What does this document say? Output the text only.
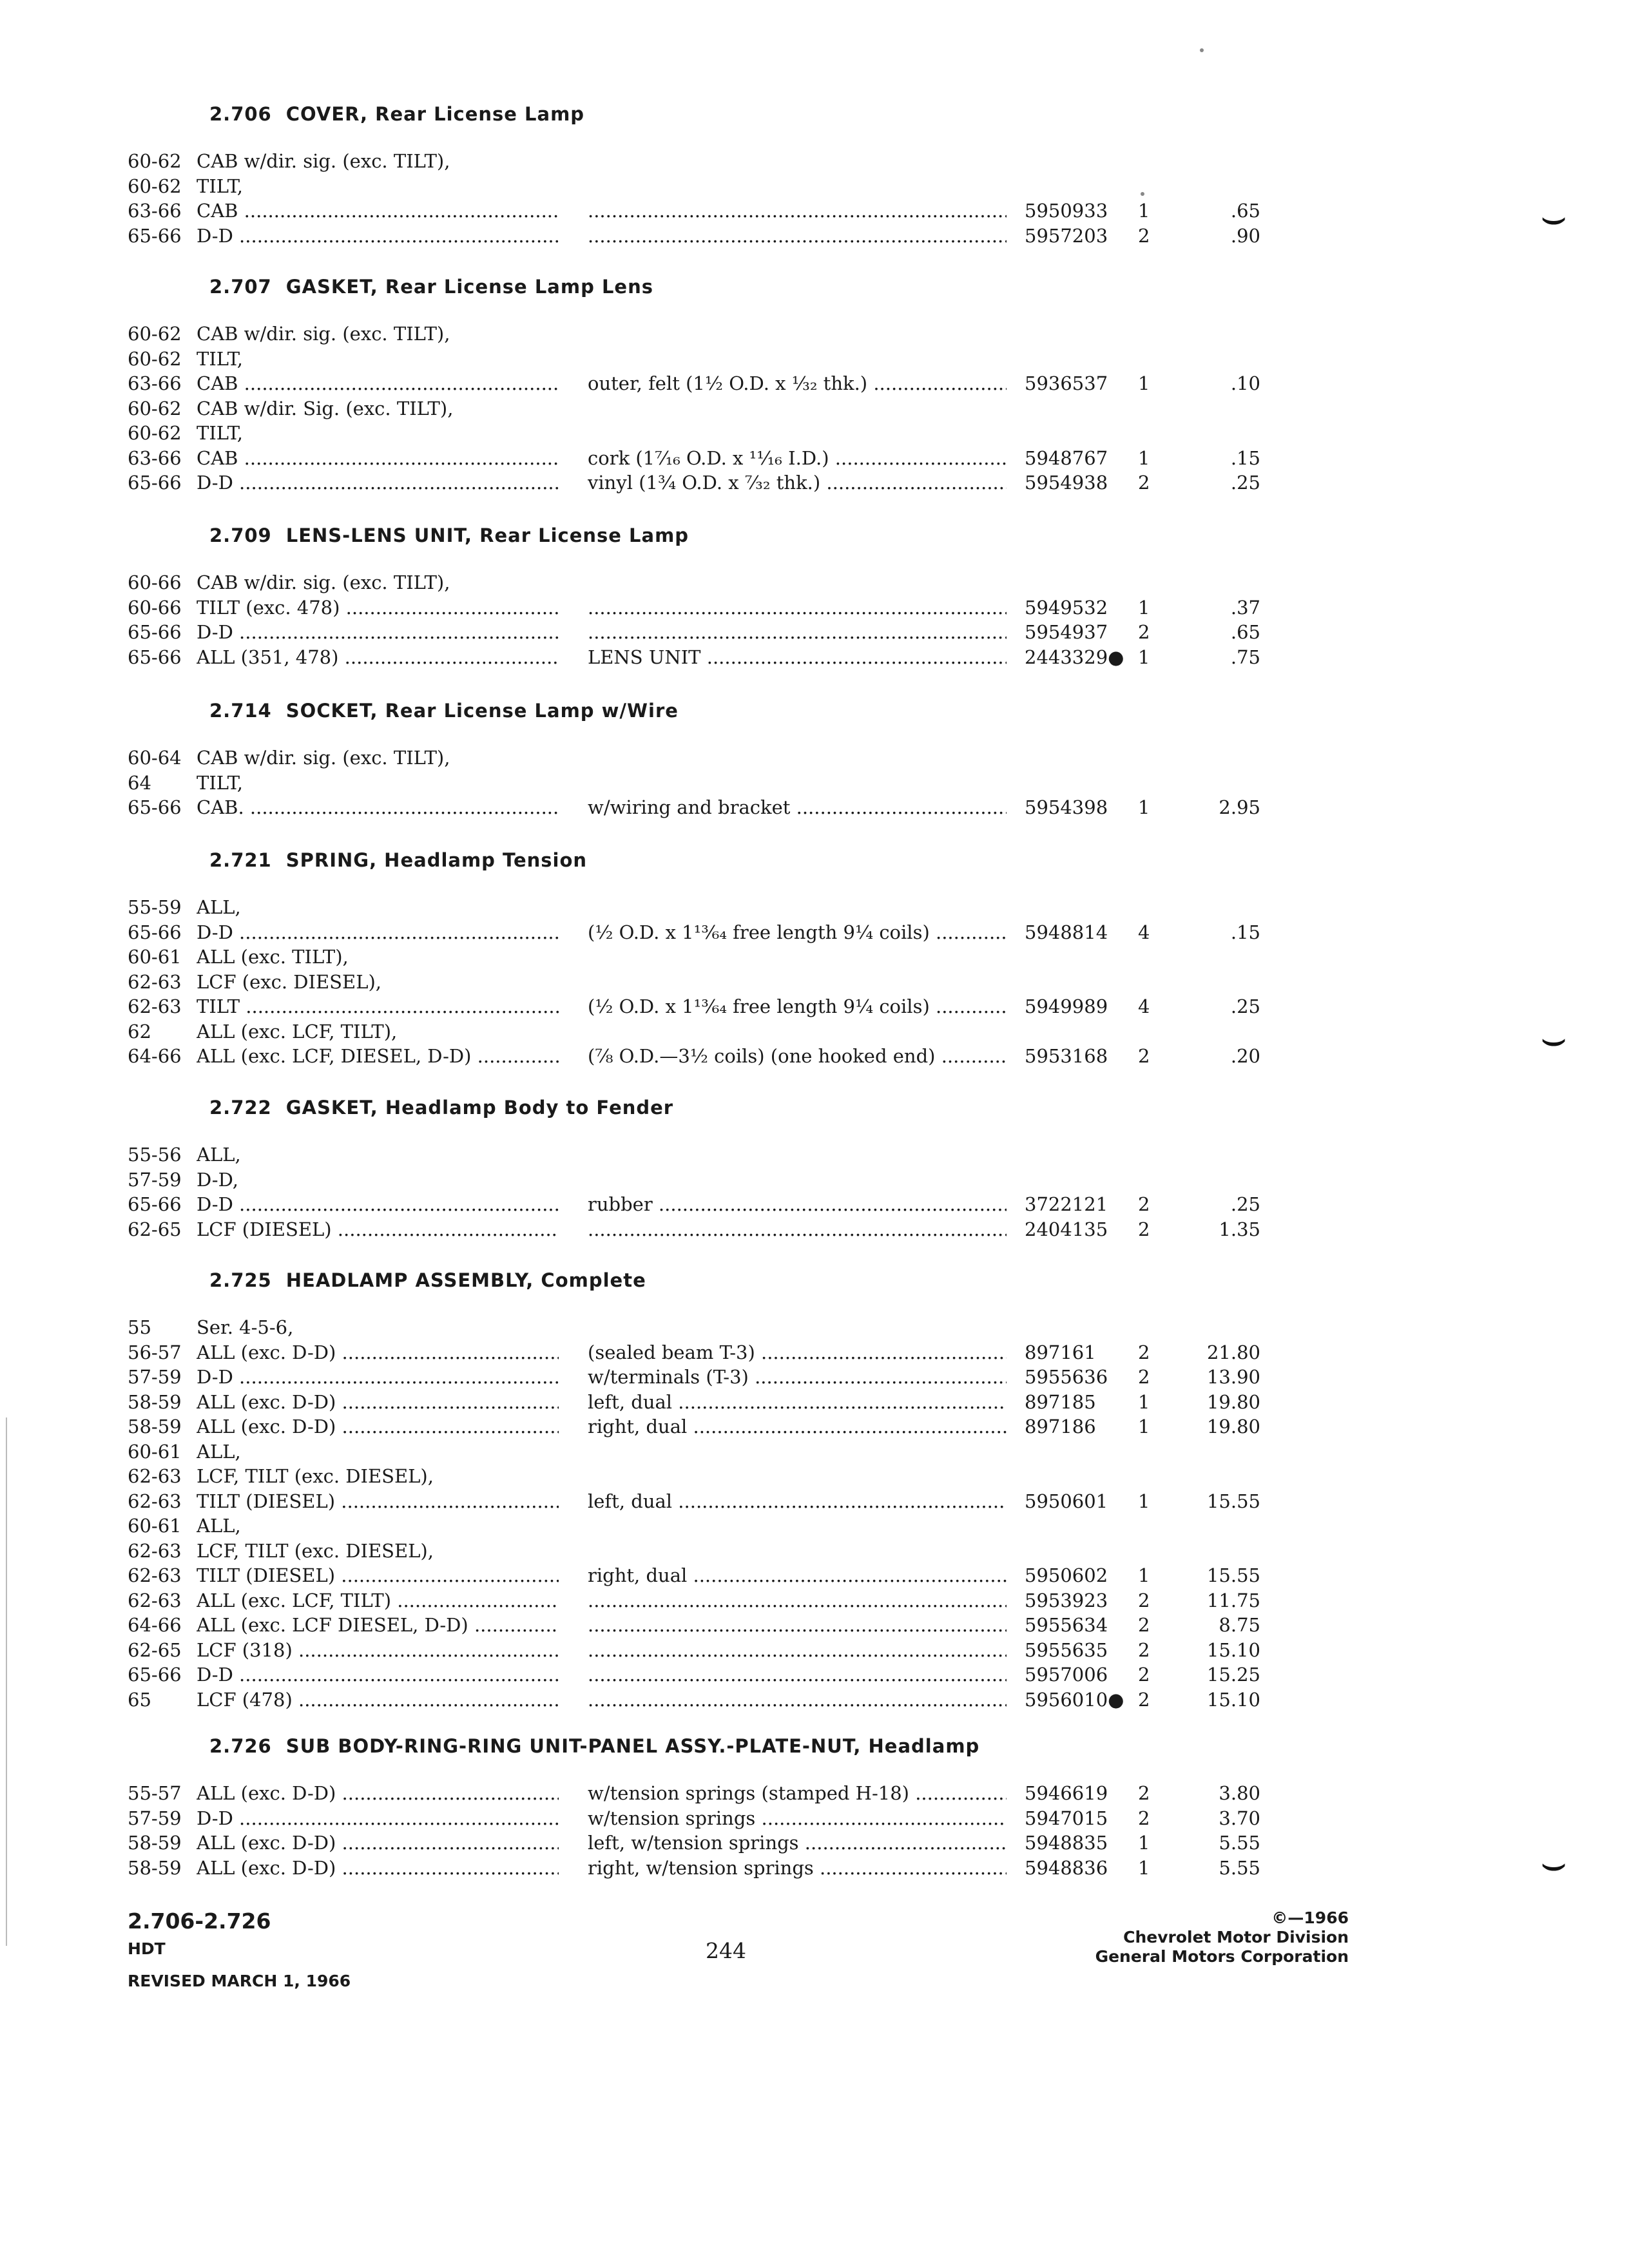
2.706 COVER, Rear License Lamp
60-62 CAB w/dir. sig. (exc. TILT),
60-62 TILT,
63-66 CAB ..... .....	5950933 1	.65
65-66 D-D ..... .....	5957203 2	.90
2.707 GASKET, Rear License Lamp Lens
60-62 CAB w/dir. sig. (exc. TILT),
60-62 TILT,
63-66 CAB .....	outer, felt (1½ O.D. x ⅓₂ thk.) .....	5936537 1	.10
60-62 CAB w/dir. Sig. (exc. TILT),
60-62 TILT,
63-66 CAB .....	cork (1⁷⁄₁₆ O.D. x ¹¹⁄₁₆ I.D.) .....	5948767 1	.15
65-66 D-D .....	vinyl (1¾ O.D. x ⁷⁄₃₂ thk.) .....	5954938 2	.25
2.709 LENS-LENS UNIT, Rear License Lamp
60-66 CAB w/dir. sig. (exc. TILT),
60-66 TILT (exc. 478) ..... .....	5949532 1	.37
65-66 D-D ..... .....	5954937 2	.65
65-66 ALL (351, 478) .....	LENS UNIT .....	2443329● 1	.75
2.714 SOCKET, Rear License Lamp w/Wire
60-64 CAB w/dir. sig. (exc. TILT),
64 TILT,
65-66 CAB. .....	w/wiring and bracket .....	5954398 1	2.95
2.721 SPRING, Headlamp Tension
55-59 ALL,
65-66 D-D .....	(½ O.D. x 1¹³⁄₆₄ free length 9¼ coils) .....	5948814 4	.15
60-61 ALL (exc. TILT),
62-63 LCF (exc. DIESEL),
62-63 TILT .....	(½ O.D. x 1¹³⁄₆₄ free length 9¼ coils) .....	5949989 4	.25
62 ALL (exc. LCF, TILT),
64-66 ALL (exc. LCF, DIESEL, D-D) .....	(⅞ O.D.—3½ coils) (one hooked end) .....	5953168 2	.20
2.722 GASKET, Headlamp Body to Fender
55-56 ALL,
57-59 D-D,
65-66 D-D .....	rubber .....	3722121 2	.25
62-65 LCF (DIESEL) ..... .....	2404135 2	1.35
2.725 HEADLAMP ASSEMBLY, Complete
55 Ser. 4-5-6,
56-57 ALL (exc. D-D) .....	(sealed beam T-3) .....	897161 2	21.80
57-59 D-D .....	w/terminals (T-3) .....	5955636 2	13.90
58-59 ALL (exc. D-D) .....	left, dual .....	897185 1	19.80
58-59 ALL (exc. D-D) .....	right, dual .....	897186 1	19.80
60-61 ALL,
62-63 LCF, TILT (exc. DIESEL),
62-63 TILT (DIESEL) .....	left, dual .....	5950601 1	15.55
60-61 ALL,
62-63 LCF, TILT (exc. DIESEL),
62-63 TILT (DIESEL) .....	right, dual .....	5950602 1	15.55
62-63 ALL (exc. LCF, TILT) ..... .....	5953923 2	11.75
64-66 ALL (exc. LCF DIESEL, D-D) ..... .....	5955634 2	8.75
62-65 LCF (318) ..... .....	5955635 2	15.10
65-66 D-D ..... .....	5957006 2	15.25
65 LCF (478) ..... .....	5956010● 2	15.10
2.726 SUB BODY-RING-RING UNIT-PANEL ASSY.-PLATE-NUT, Headlamp
55-57 ALL (exc. D-D) .....	w/tension springs (stamped H-18) .....	5946619 2	3.80
57-59 D-D .....	w/tension springs .....	5947015 2	3.70
58-59 ALL (exc. D-D) .....	left, w/tension springs .....	5948835 1	5.55
58-59 ALL (exc. D-D) .....	right, w/tension springs .....	5948836 1	5.55
⌣
⌣
⌣
2.706-2.726
HDT
REVISED MARCH 1, 1966
244
©—1966
Chevrolet Motor Division
General Motors Corporation
